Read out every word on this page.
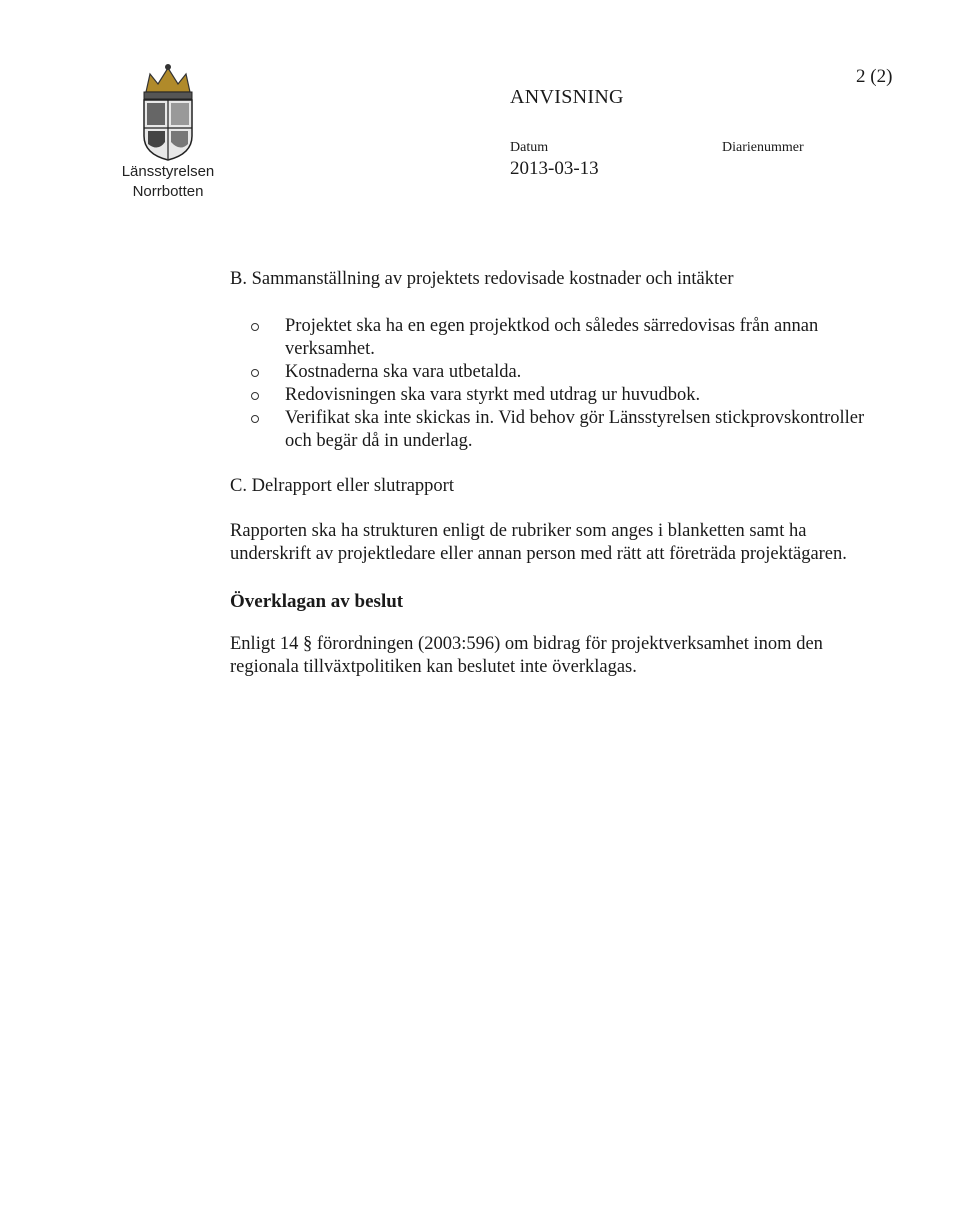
Länsstyrelsen
Norrbotten
ANVISNING
2 (2)
Datum
2013-03-13
Diarienummer
B. Sammanställning av projektets redovisade kostnader och intäkter
Projektet ska ha en egen projektkod och således särredovisas från annan verksamhet.
Kostnaderna ska vara utbetalda.
Redovisningen ska vara styrkt med utdrag ur huvudbok.
Verifikat ska inte skickas in. Vid behov gör Länsstyrelsen stickprovskontroller och begär då in underlag.
C. Delrapport eller slutrapport

Rapporten ska ha strukturen enligt de rubriker som anges i blanketten samt ha underskrift av projektledare eller annan person med rätt att företräda projektägaren.

Överklagan av beslut

Enligt 14 § förordningen (2003:596) om bidrag för projektverksamhet inom den regionala tillväxtpolitiken kan beslutet inte överklagas.
